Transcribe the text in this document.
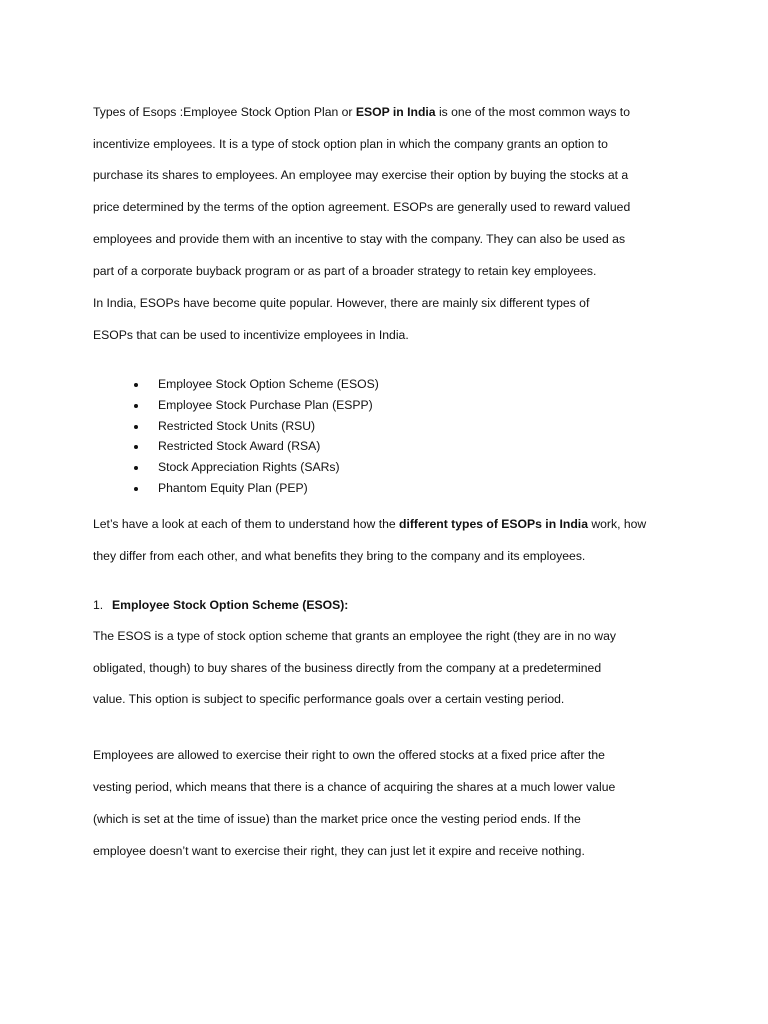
Types of Esops :Employee Stock Option Plan or ESOP in India is one of the most common ways to
incentivize employees. It is a type of stock option plan in which the company grants an option to
purchase its shares to employees. An employee may exercise their option by buying the stocks at a
price determined by the terms of the option agreement. ESOPs are generally used to reward valued
employees and provide them with an incentive to stay with the company. They can also be used as
part of a corporate buyback program or as part of a broader strategy to retain key employees.
In India, ESOPs have become quite popular. However, there are mainly six different types of
ESOPs that can be used to incentivize employees in India.
Employee Stock Option Scheme (ESOS)
Employee Stock Purchase Plan (ESPP)
Restricted Stock Units (RSU)
Restricted Stock Award (RSA)
Stock Appreciation Rights (SARs)
Phantom Equity Plan (PEP)
Let’s have a look at each of them to understand how the different types of ESOPs in India work, how
they differ from each other, and what benefits they bring to the company and its employees.
1. Employee Stock Option Scheme (ESOS):
The ESOS is a type of stock option scheme that grants an employee the right (they are in no way
obligated, though) to buy shares of the business directly from the company at a predetermined
value. This option is subject to specific performance goals over a certain vesting period.
Employees are allowed to exercise their right to own the offered stocks at a fixed price after the
vesting period, which means that there is a chance of acquiring the shares at a much lower value
(which is set at the time of issue) than the market price once the vesting period ends. If the
employee doesn’t want to exercise their right, they can just let it expire and receive nothing.
